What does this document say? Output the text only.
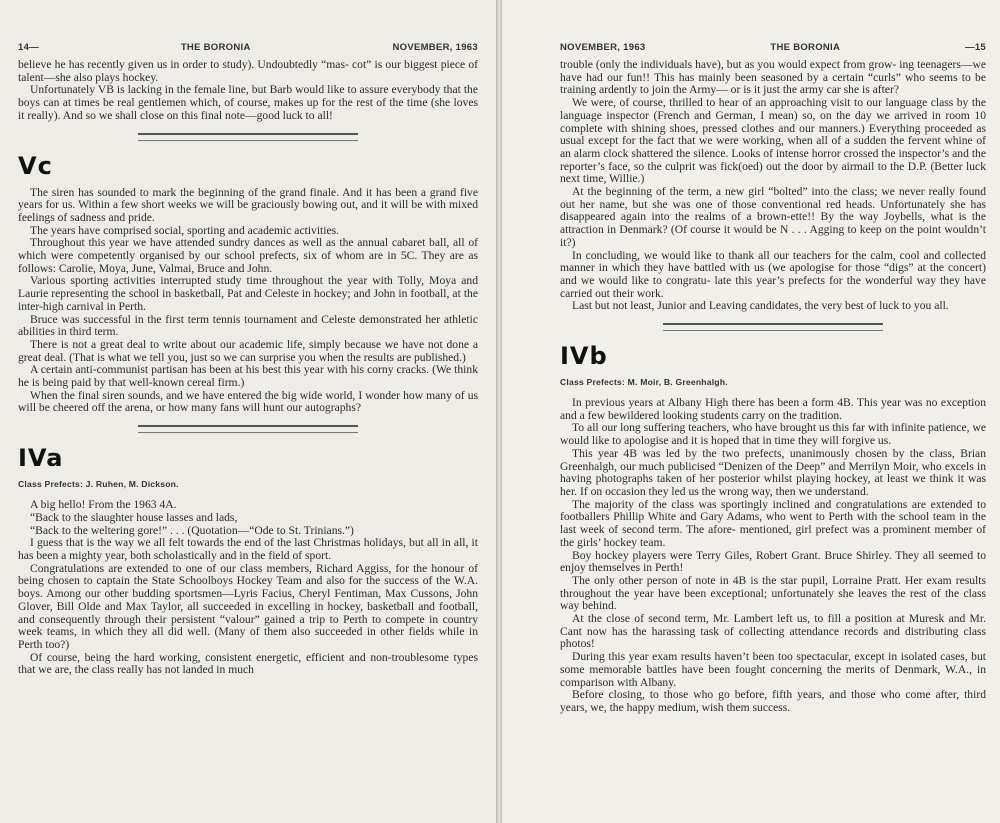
14—	THE BORONIA	NOVEMBER, 1963

believe he has recently given us in order to study). Undoubtedly “mas- cot” is our biggest piece of talent—she also plays hockey.

Unfortunately VB is lacking in the female line, but Barb would like to assure everybody that the boys can at times be real gentlemen which, of course, makes up for the rest of the time (she loves it really). And so we shall close on this final note—good luck to all!

Vc

The siren has sounded to mark the beginning of the grand finale. And it has been a grand five years for us. Within a few short weeks we will be graciously bowing out, and it will be with mixed feelings of sadness and pride.

The years have comprised social, sporting and academic activities.

Throughout this year we have attended sundry dances as well as the annual cabaret ball, all of which were competently organised by our school prefects, six of whom are in 5C. They are as follows: Carolie, Moya, June, Valmai, Bruce and John.

Various sporting activities interrupted study time throughout the year with Tolly, Moya and Laurie representing the school in basketball, Pat and Celeste in hockey; and John in football, at the inter-high carnival in Perth.

Bruce was successful in the first term tennis tournament and Celeste demonstrated her athletic abilities in third term.

There is not a great deal to write about our academic life, simply because we have not done a great deal. (That is what we tell you, just so we can surprise you when the results are published.)

A certain anti-communist partisan has been at his best this year with his corny cracks. (We think he is being paid by that well-known cereal firm.)

When the final siren sounds, and we have entered the big wide world, I wonder how many of us will be cheered off the arena, or how many fans will hunt our autographs?

IVa
Class Prefects: J. Ruhen, M. Dickson.

A big hello! From the 1963 4A.

“Back to the slaughter house lasses and lads,

“Back to the weltering gore!” . . . (Quotation—“Ode to St. Trinians.”)

I guess that is the way we all felt towards the end of the last Christmas holidays, but all in all, it has been a mighty year, both scholastically and in the field of sport.

Congratulations are extended to one of our class members, Richard Aggiss, for the honour of being chosen to captain the State Schoolboys Hockey Team and also for the success of the W.A. boys. Among our other budding sportsmen—Lyris Facius, Cheryl Fentiman, Max Cussons, John Glover, Bill Olde and Max Taylor, all succeeded in excelling in hockey, basketball and football, and consequently through their persistent “valour” gained a trip to Perth to compete in country week teams, in which they all did well. (Many of them also succeeded in other fields while in Perth too?)

Of course, being the hard working, consistent energetic, efficient and non-troublesome types that we are, the class really has not landed in much

NOVEMBER, 1963	THE BORONIA	—15

trouble (only the individuals have), but as you would expect from grow- ing teenagers—we have had our fun!! This has mainly been seasoned by a certain “curls” who seems to be training ardently to join the Army— or is it just the army car she is after?

We were, of course, thrilled to hear of an approaching visit to our language class by the language inspector (French and German, I mean) so, on the day we arrived in room 10 complete with shining shoes, pressed clothes and our manners.) Everything proceeded as usual except for the fact that we were working, when all of a sudden the fervent whine of an alarm clock shattered the silence. Looks of intense horror crossed the inspector’s and the reporter’s face, so the culprit was fick(oed) out the door by airmail to the D.P. (Better luck next time, Willie.)

At the beginning of the term, a new girl “bolted” into the class; we never really found out her name, but she was one of those conventional red heads. Unfortunately she has disappeared again into the realms of a brown-ette!! By the way Joybells, what is the attraction in Denmark? (Of course it would be N . . . Agging to keep on the point wouldn’t it?)

In concluding, we would like to thank all our teachers for the calm, cool and collected manner in which they have battled with us (we apologise for those “digs” at the concert) and we would like to congratu- late this year’s prefects for the wonderful way they have carried out their work.

Last but not least, Junior and Leaving candidates, the very best of luck to you all.

IVb
Class Prefects: M. Moir, B. Greenhalgh.

In previous years at Albany High there has been a form 4B. This year was no exception and a few bewildered looking students carry on the tradition.

To all our long suffering teachers, who have brought us this far with infinite patience, we would like to apologise and it is hoped that in time they will forgive us.

This year 4B was led by the two prefects, unanimously chosen by the class, Brian Greenhalgh, our much publicised “Denizen of the Deep” and Merrilyn Moir, who excels in having photographs taken of her posterior whilst playing hockey, at least we think it was her. If on occasion they led us the wrong way, then we understand.

The majority of the class was sportingly inclined and congratulations are extended to footballers Phillip White and Gary Adams, who went to Perth with the school team in the last week of second term. The afore- mentioned, girl prefect was a prominent member of the girls’ hockey team.

Boy hockey players were Terry Giles, Robert Grant. Bruce Shirley. They all seemed to enjoy themselves in Perth!

The only other person of note in 4B is the star pupil, Lorraine Pratt. Her exam results throughout the year have been exceptional; unfortunately she leaves the rest of the class way behind.

At the close of second term, Mr. Lambert left us, to fill a position at Muresk and Mr. Cant now has the harassing task of collecting attendance records and distributing class photos!

During this year exam results haven’t been too spectacular, except in isolated cases, but some memorable battles have been fought concerning the merits of Denmark, W.A., in comparison with Albany.

Before closing, to those who go before, fifth years, and those who come after, third years, we, the happy medium, wish them success.
